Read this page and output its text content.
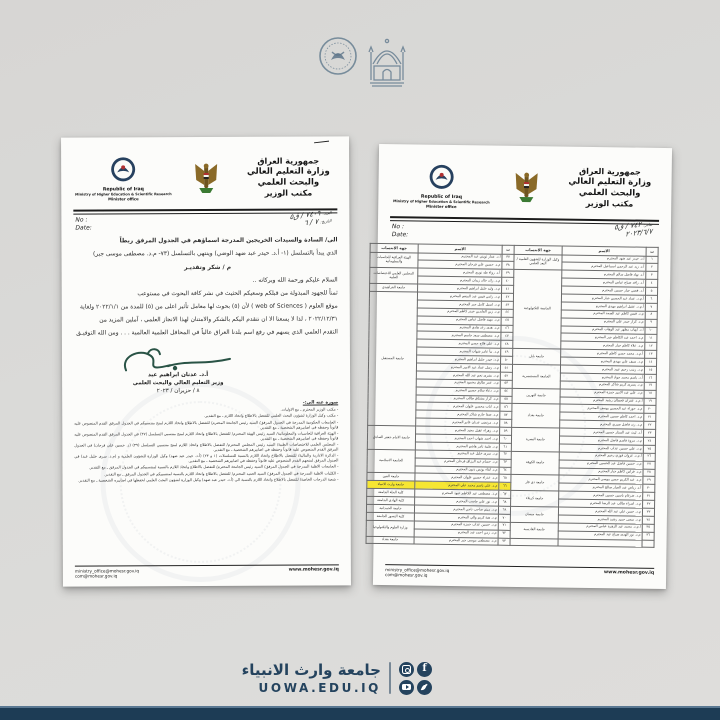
جمهورية العراق
وزارة التعليم العالي والبحث العلمي
مكتب الوزير
Republic of Iraq
Ministry of Higher Education & Scientific Research
Minister office
No :
Date:
العدد: ٧٤٠٩ / ق٥
التاريخ: ٧ / ٦
الى/ السادة والسيدات الخريجين المدرجة اسماؤهم في الجدول المرفق ربطاً
الذي يبدأ بالتسلسل (١- أ.د. حيدر عبد ضهد الوضي) وينتهي بالتسلسل (٧٣- م.د. مصطفى موسى جبر)
م / شكر وتقديـر
السلام عليكم ورحمة الله وبركاته ..
ثمناً للجهود المبذولة من قبلكم وسعيكم الحثيث في نشر كافة البحوث في مستوعب
موقع العلوم ( web of Sciences ) لأن (٥) بحوث لها معامل تأثير اعلى من (٥) للمدة من ٢٠٢٢/١/١ ولغاية
٢٠٢٢/١٢/٣١ ، لذا لا يسعنا الا ان نتقدم اليكم بالشكر والامتنان لهذا الانجاز العلمي ، آملين المزيد من
التقدم العلمي الذي يسهم في رفع اسم بلدنا العراق عالياً في المحافل العلمية العالمية . . . ومن الله التوفيـق
أ.د. عدنان ابراهيم عبد
وزير التعليم العالي والبحث العلمي
٨ / حزيران / ٢٠٢٣
صورة عنه الى:-
- مكتب الوزير المحترم ـ مع الاوليات.
- مكتب وكيل الوزارة لشؤون البحث العلمي للتفضل بالاطلاع واتخاذ اللازم ـ مع التقدير.
- الجامعات الحكومية المدرجة في الجدول المرفق/ السيد رئيس الجامعة المحترم/ للتفضل بالاطلاع واتخاذ اللازم لمنح منتسبيكم في الجدول المرفق القدم المنصوص عليه قانوناً وحفظه في اضابيرهم الشخصية ـ مع التقدير.
- الهيئة العراقية للحاسبات والمعلوماتية/ السيد رئيس الهيئة المحترم/ للتفضل بالاطلاع واتخاذ اللازم لمنح منتسبي التسلسل (٣٧) في الجدول المرفق القدم المنصوص عليه قانوناً وحفظه في اضابيرهم الشخصية ـ مع التقدير.
- المجلس العلمي للاختصاصات الطبية/ السيد رئيس المجلس المحترم/ للتفضل بالاطلاع واتخاذ اللازم لمنح منتسبي التسلسل (٣٩) (د. حسين علي فرحان) في الجدول المرفق القدم المنصوص عليه قانوناً وحفظه في اضابيرهم الشخصية ـ مع التقدير.
- الدائرة الادارية والمالية/ للتفضل بالاطلاع واتخاذ اللازم بالنسبة للتسلسلات (١ و ٢٣) (أ.د. حيدر عبد ضهد) وكيل الوزارة للشؤون العلمية و (م.د. سرى خليل عبد) في الجدول المرفق لمنحهم القدم المنصوص عليه قانوناً وحفظه في اضابيرهم الشخصية ـ مع التقدير.
- الجامعات الاهلية المدرجة في الجدول المرفق/ السيد رئيس الجامعة المحترم/ للتفضل بالاطلاع واتخاذ اللازم بالنسبة لمنتسبيكم في الجدول المرفق ـ مع التقدير.
- الكليات الاهلية المدرجة في الجدول المرفق/ السيد العميد المحترم/ للتفضل بالاطلاع واتخاذ اللازم بالنسبة لمنتسبيكم في الجدول المرفق ـ مع التقدير.
- شعبة الدرجات الخاصة/ للتفضل بالاطلاع واتخاذ اللازم بالنسبة الى (أ.د. حيدر عبد ضهد) وكيل الوزارة لشؤون البحث العلمي لحفظها في اضابيره الشخصية ـ مع التقدير.
ministry_office@mohesr.gov.iq
com@mohesr.gov.iq
www.mohesr.gov.iq
جمهورية العراق
وزارة التعليم العالي والبحث العلمي
مكتب الوزير
Republic of Iraq
Ministry of Higher Education & Scientific Research
Minister office
No :
Date:
صادر: ٧٤٢ / ق٥
٢٠٢٣/٦/٧
ت	الاسم	جهة الانتساب	ت	الاسم	جهة الانتساب
١	أ.د. حيدر عبد ضهد المحترم	وكيل الوزارة للشؤون العلمية / البعد العلمي	٣٧	أ.د. عمار ثويني عبد المحترم	الهيئة العراقية للحاسبات والمعلوماتية
٢	أ.د. زيد عبد الرحمن اسماعيل المحترم		٣٨	م.د. حسين علي فرحان المحترم	
٣	أ.د. نهاد فاضل سالم المحترم	الجامعة التكنولوجية	٣٩	أ.د. رواء طه نوري المحترم	المجلس العلمي للاختصاصات الطبية
٤	أ.د. رافد صباح عباس المحترم		٤٠	م.د. رائد خالد زيدان المحترم	
٥	أ.د. قصي جبار حسين المحترم		٤١	م.د. وليد خليل ابراهيم المحترم	جامعة الفراهيدي
٦	أ.م.د. عماد عبد الحسين جبار المحترم		٤٢	م.د. رامي قيس عبد المنعم المحترم	جامعة المستقبل
٧	أ.م.د. عقيل ابراهيم مهدي المحترم		٤٣	م.د. اسيل كامل جبر المحترم	
٨	م.د. قيس كاظم عبد الصمد المحترم		٤٤	م.د. زين العابدين حيدر كاظم المحترم	
٩	م.د. كرار حيدر علي المحترم		٤٥	م.د. مهند فاضل عباس المحترم	
١٠	أ.د. ايهاب مظهر عبد الوهاب المحترم		٤٦	م.د. هدى رعد هادي المحترم	
١١	م.د. احمد عبد الكاظم جبر المحترم		٤٧	م.د. مصطفى سعد جاسم المحترم	
١٢	م.د. علاء كاظم جبار المحترم		٤٨	م.د. علي فلاح حسن المحترم	
١٣	أ.م.د. محمد حسن كاظم المحترم	جامعة بابل	٤٩	م.د. نبأ عامر شهاب المحترم	
١٤	م.د. سيف علي مهدي المحترم		٥٠	م.د. حيدر جليل ابراهيم المحترم	
١٥	م.د. زينب رحيم عبيد المحترم	الجامعة المستنصرية	٥١	م.د. رسل عماد عبد الامير المحترم	
١٦	أ.د. باسم محمد جواد المحترم		٥٢	م.د. بشرى نجم عبد الله المحترم	
١٧	م.د. يسرى كريم شاكر المحترم		٥٣	م.د. عمر طارق محمود المحترم	
١٨	م.د. علي عبد الامير حمزة المحترم	جامعة النهرين	٥٤	م.د. دعاء سلام حسين المحترم	
١٩	أ.م.د. غفران قحطان رشيد المحترم		٥٥	م.د. كرار مشتاق طالب المحترم	
٢٠	م.د. حوراء عبد الحسين يوسف المحترم	جامعة بغداد	٥٦	م.د. ايات محسن علوان المحترم	
٢١	م.د. احمد كاظم حسين المحترم		٥٧	م.د. صفا حازم شاكر المحترم	
٢٢	م.د. رند فاضل صبري المحترم		٥٨	م.د. مرتضى عدنان غانم المحترم	
٢٣	أ.د. ليث عبد الستار حسين المحترم	جامعة البصرة	٥٩	م.د. زهراء عقيل مجيد المحترم	جامعة الامام جعفر الصادق
٢٤	م.د. مروة قاسم فاضل المحترم		٦٠	م.د. احمد شهاب احمد المحترم	
٢٥	م.د. علي حسين عذاب المحترم		٦١	م.د. طيبة ثامر هاشم المحترم	
٢٦	أ.م.د. غزوان فوزي رحيم المحترم	جامعة الكوفة	٦٢	م.د. سرى خليل عبد المحترم	الجامعة الاسلامية
٢٧	م.د. حسين فاضل عبد الحسين المحترم		٦٣	م.د. حسام عبد الرزاق فرحان المحترم	
٢٨	م.د. فراس كاظم جبار المحترم		٦٤	م.د. لقاء يونس ذنون المحترم	
٢٩	م.د. عبد الكريم حسن موسى المحترم	جامعة ذي قار	٦٥	م.د. عذراء حسين علوان المحترم	جامعة العين
٣٠	أ.د. رياض عبد الجبار صالح المحترم		٦٦	م.د. علي باسم محمد علي المحترم	جامعة وارث الانبياء
٣١	م.د. ضرغام ياسين حسين المحترم	جامعة كربلاء	٦٧	م.د. مصطفى عبد الكاظم عبود المحترم	كلية الحلة الجامعة
٣٢	م.د. اسراء طالب عبد الرضا المحترم		٦٨	م.د. نور علي جاسب المحترم	كلية الهادي الجامعة
٣٣	م.د. حسن علي عبد الله المحترم	جامعة ميسان	٦٩	م.د. ميثم صاحب ناجي المحترم	جامعة الحمدانية
٣٤	م.د. سجى حميد رشيد المحترم		٧٠	م.د. هبة كريم والي المحترم	كلية النسور الجامعة
٣٥	أ.م.د. محمد عبد الزهرة عباس المحترم	جامعة القادسية	٧١	م.د. حسين عذاب حمزة المحترم	وزارة العلوم والتكنولوجيا
٣٦	م.د. نور الهدى صباح عبد المحترم		٧٢	م.د. زمن احمد عبد المحترم	
			٧٣	م.د. مصطفى موسى جبر المحترم	جامعة بغداد
ministry_office@mohesr.gov.iq
com@mohesr.gov.iq	www.mohesr.gov.iq
جامعة وارث الانبياء
UOWA.EDU.IQ
f
